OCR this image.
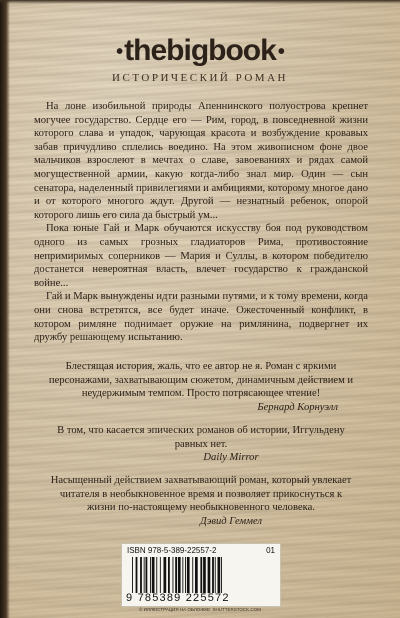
•thebigbook •
ИСТОРИЧЕСКИЙ РОМАН

На лоне изобильной природы Апеннинского полуострова крепнет могучее государство. Сердце его — Рим, город, в повседневной жизни которого слава и упадок, чарующая красота и возбуждение кровавых забав причудливо сплелись воедино. На этом живописном фоне двое мальчиков взрослеют в мечтах о славе, завоеваниях и рядах самой могущественной армии, какую когда-либо знал мир. Один — сын сенатора, наделенный привилегиями и амбициями, которому многое дано и от которого многого ждут. Другой — незнатный ребенок, опорой которого лишь его сила да быстрый ум...

Пока юные Гай и Марк обучаются искусству боя под руководством одного из самых грозных гладиаторов Рима, противостояние непримиримых соперников — Мария и Суллы, в котором победителю достанется невероятная власть, влечет государство к гражданской войне...

Гай и Марк вынуждены идти разными путями, и к тому времени, когда они снова встретятся, все будет иначе. Ожесточенный конфликт, в котором римляне поднимает оружие на римлянина, подвергнет их дружбу решающему испытанию.

Блестящая история, жаль, что ее автор не я. Роман с яркими персонажами, захватывающим сюжетом, динамичным действием и неудержимым темпом. Просто потрясающее чтение!
Бернард Корнуэлл
В том, что касается эпических романов об истории, Иггульдену равных нет.
Daily Mirror
Насыщенный действием захватывающий роман, который увлекает читателя в необыкновенное время и позволяет прикоснуться к жизни по-настоящему необыкновенного человека.
Дэвид Геммел
ISBN 978-5-389-22557-2	01
9 785389 225572
© ИЛЛЮСТРАЦИЯ НА ОБЛОЖКЕ: SHUTTERSTOCK.COM
